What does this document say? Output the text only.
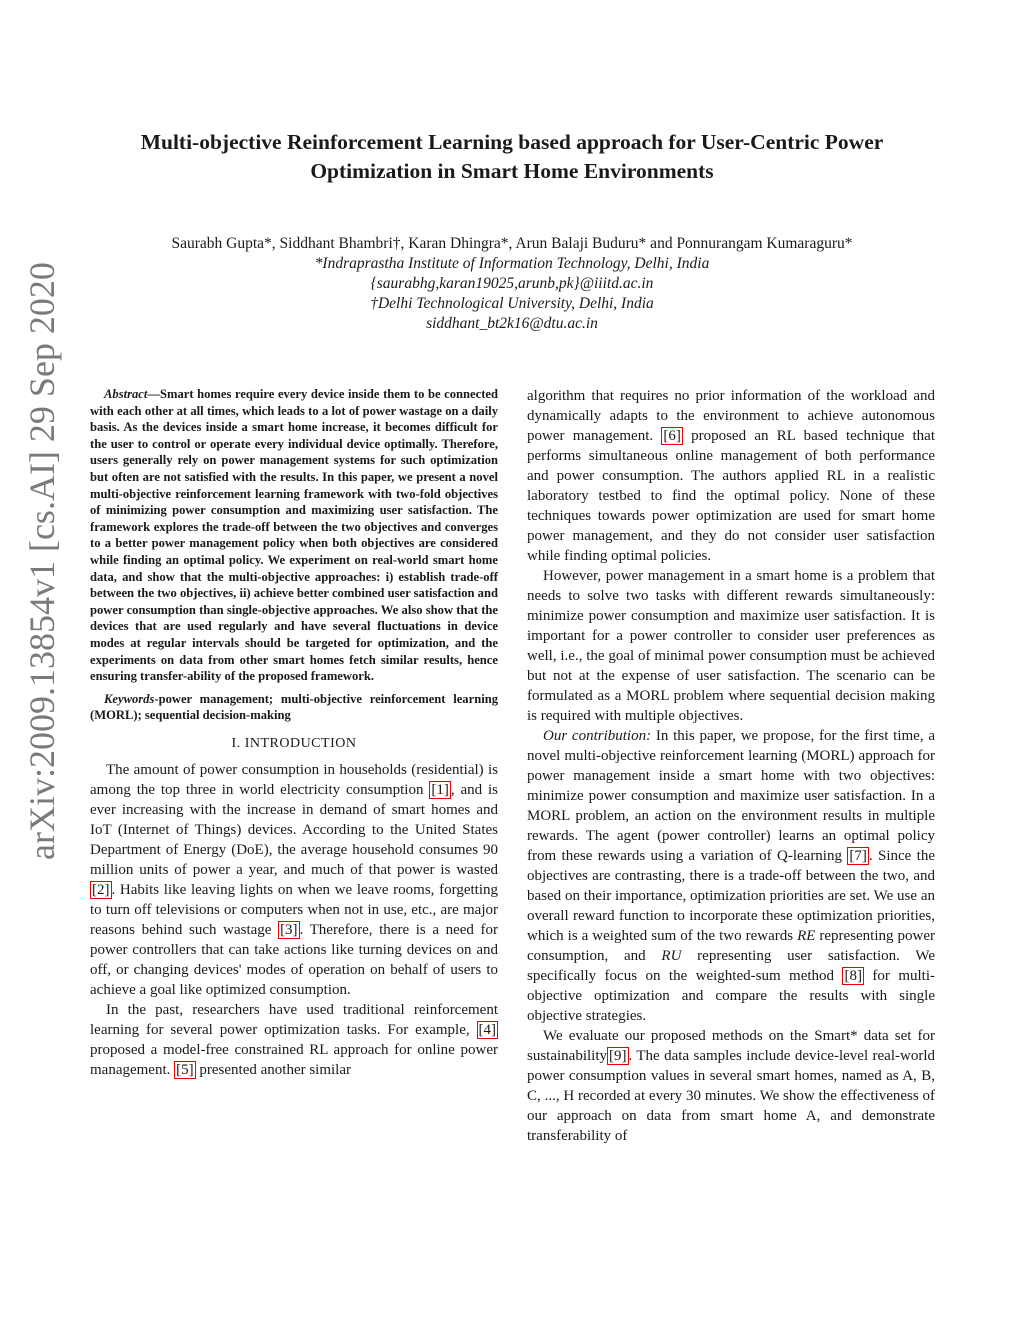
arXiv:2009.13854v1 [cs.AI] 29 Sep 2020
Multi-objective Reinforcement Learning based approach for User-Centric Power
Optimization in Smart Home Environments
Saurabh Gupta*, Siddhant Bhambri†, Karan Dhingra*, Arun Balaji Buduru* and Ponnurangam Kumaraguru*
*Indraprastha Institute of Information Technology, Delhi, India
{saurabhg,karan19025,arunb,pk}@iiitd.ac.in
†Delhi Technological University, Delhi, India
siddhant_bt2k16@dtu.ac.in

Abstract—Smart homes require every device inside them to be connected with each other at all times, which leads to a lot of power wastage on a daily basis. As the devices inside a smart home increase, it becomes difficult for the user to control or operate every individual device optimally. Therefore, users generally rely on power management systems for such optimization but often are not satisfied with the results. In this paper, we present a novel multi-objective reinforcement learning framework with two-fold objectives of minimizing power consumption and maximizing user satisfaction. The framework explores the trade-off between the two objectives and converges to a better power management policy when both objectives are considered while finding an optimal policy. We experiment on real-world smart home data, and show that the multi-objective approaches: i) establish trade-off between the two objectives, ii) achieve better combined user satisfaction and power consumption than single-objective approaches. We also show that the devices that are used regularly and have several fluctuations in device modes at regular intervals should be targeted for optimization, and the experiments on data from other smart homes fetch similar results, hence ensuring transfer-ability of the proposed framework.

Keywords-power management; multi-objective reinforcement learning (MORL); sequential decision-making

I. INTRODUCTION

The amount of power consumption in households (residential) is among the top three in world electricity consumption [1] , and is ever increasing with the increase in demand of smart homes and IoT (Internet of Things) devices. According to the United States Department of Energy (DoE), the average household consumes 90 million units of power a year, and much of that power is wasted [2] . Habits like leaving lights on when we leave rooms, forgetting to turn off televisions or computers when not in use, etc., are major reasons behind such wastage [3] . Therefore, there is a need for power controllers that can take actions like turning devices on and off, or changing devices' modes of operation on behalf of users to achieve a goal like optimized consumption.

In the past, researchers have used traditional reinforcement learning for several power optimization tasks. For example, [4] proposed a model-free constrained RL approach for online power management. [5] presented another similar

algorithm that requires no prior information of the workload and dynamically adapts to the environment to achieve autonomous power management. [6] proposed an RL based technique that performs simultaneous online management of both performance and power consumption. The authors applied RL in a realistic laboratory testbed to find the optimal policy. None of these techniques towards power optimization are used for smart home power management, and they do not consider user satisfaction while finding optimal policies.

However, power management in a smart home is a problem that needs to solve two tasks with different rewards simultaneously: minimize power consumption and maximize user satisfaction. It is important for a power controller to consider user preferences as well, i.e., the goal of minimal power consumption must be achieved but not at the expense of user satisfaction. The scenario can be formulated as a MORL problem where sequential decision making is required with multiple objectives.

Our contribution: In this paper, we propose, for the first time, a novel multi-objective reinforcement learning (MORL) approach for power management inside a smart home with two objectives: minimize power consumption and maximize user satisfaction. In a MORL problem, an action on the environment results in multiple rewards. The agent (power controller) learns an optimal policy from these rewards using a variation of Q-learning [7] . Since the objectives are contrasting, there is a trade-off between the two, and based on their importance, optimization priorities are set. We use an overall reward function to incorporate these optimization priorities, which is a weighted sum of the two rewards RE representing power consumption, and RU representing user satisfaction. We specifically focus on the weighted-sum method [8] for multi-objective optimization and compare the results with single objective strategies.

We evaluate our proposed methods on the Smart* data set for sustainability [9] . The data samples include device-level real-world power consumption values in several smart homes, named as A, B, C, ..., H recorded at every 30 minutes. We show the effectiveness of our approach on data from smart home A, and demonstrate transferability of
